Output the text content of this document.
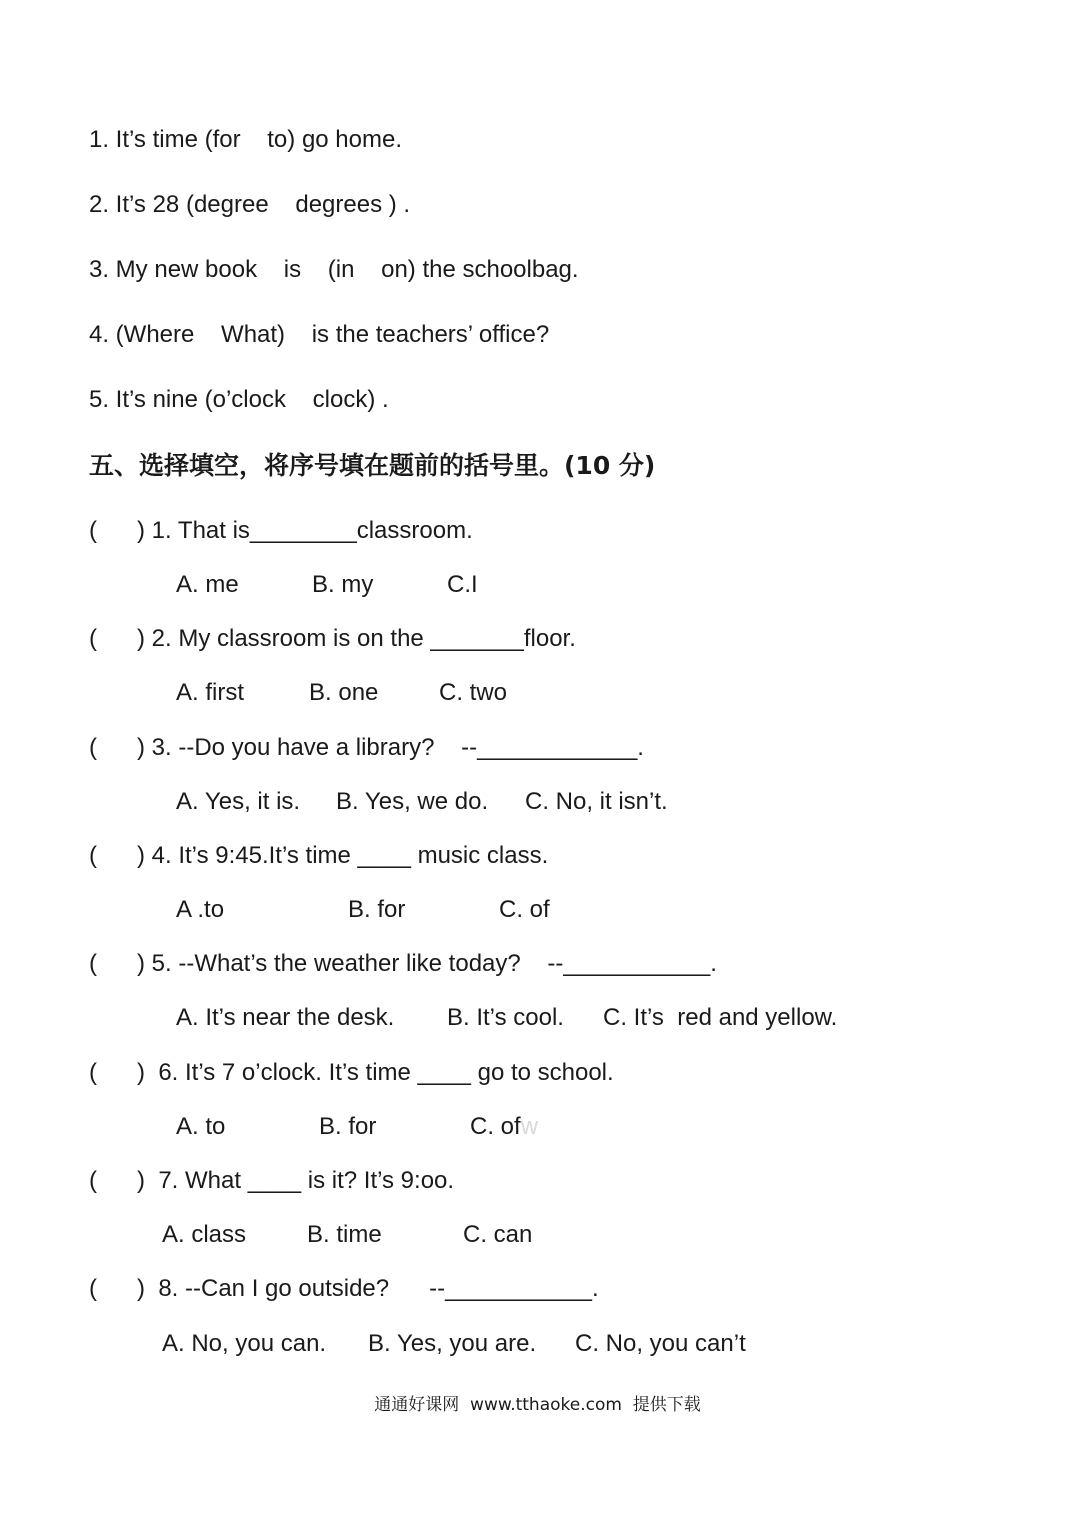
1. It’s time (for    to) go home.
2. It’s 28 (degree    degrees ) .
3. My new book    is    (in    on) the schoolbag.
4. (Where    What)    is the teachers’ office?
5. It’s nine (o’clock    clock) .
五、选择填空，将序号填在题前的括号里。(10 分)
(      ) 1. That is________classroom.

A. me

	B. my

	C.I

(      ) 2. My classroom is on the _______floor.

A. first

	B. one

	C. two

(      ) 3. --Do you have a library?    --____________.

A. Yes, it is.

B. Yes, we do.

C. No, it isn’t.

(      ) 4. It’s 9:45.It’s time ____ music class.

A .to

	B. for

	C. of

(      ) 5. --What’s the weather like today?    --___________.

A. It’s near the desk.

B. It’s cool.

C. It’s  red and yellow.

(      )  6. It’s 7 o’clock. It’s time ____ go to school.

A. to

	B. for

	C. ofw

(      )  7. What ____ is it? It’s 9:oo.

A. class

	B. time

	C. can

(      )  8. --Can I go outside?      --___________.

A. No, you can.

B. Yes, you are.

C. No, you can’t

通通好课网  www.tthaoke.com  提供下载
